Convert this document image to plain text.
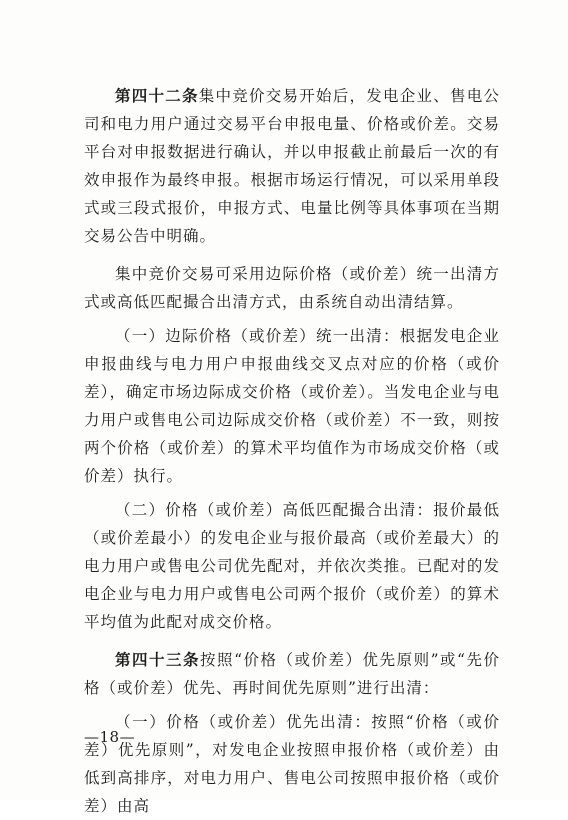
第四十二条集中竞价交易开始后，发电企业、售电公司和电力用户通过交易平台申报电量、价格或价差。交易平台对申报数据进行确认，并以申报截止前最后一次的有效申报作为最终申报。根据市场运行情况，可以采用单段式或三段式报价，申报方式、电量比例等具体事项在当期交易公告中明确。

集中竞价交易可采用边际价格（或价差）统一出清方式或高低匹配撮合出清方式，由系统自动出清结算。

（一）边际价格（或价差）统一出清：根据发电企业申报曲线与电力用户申报曲线交叉点对应的价格（或价差），确定市场边际成交价格（或价差）。当发电企业与电力用户或售电公司边际成交价格（或价差）不一致，则按两个价格（或价差）的算术平均值作为市场成交价格（或价差）执行。

（二）价格（或价差）高低匹配撮合出清：报价最低（或价差最小）的发电企业与报价最高（或价差最大）的电力用户或售电公司优先配对，并依次类推。已配对的发电企业与电力用户或售电公司两个报价（或价差）的算术平均值为此配对成交价格。

第四十三条按照“价格（或价差）优先原则”或“先价格（或价差）优先、再时间优先原则”进行出清：

（一）价格（或价差）优先出清：按照“价格（或价差）优先原则”，对发电企业按照申报价格（或价差）由低到高排序，对电力用户、售电公司按照申报价格（或价差）由高

—18—
